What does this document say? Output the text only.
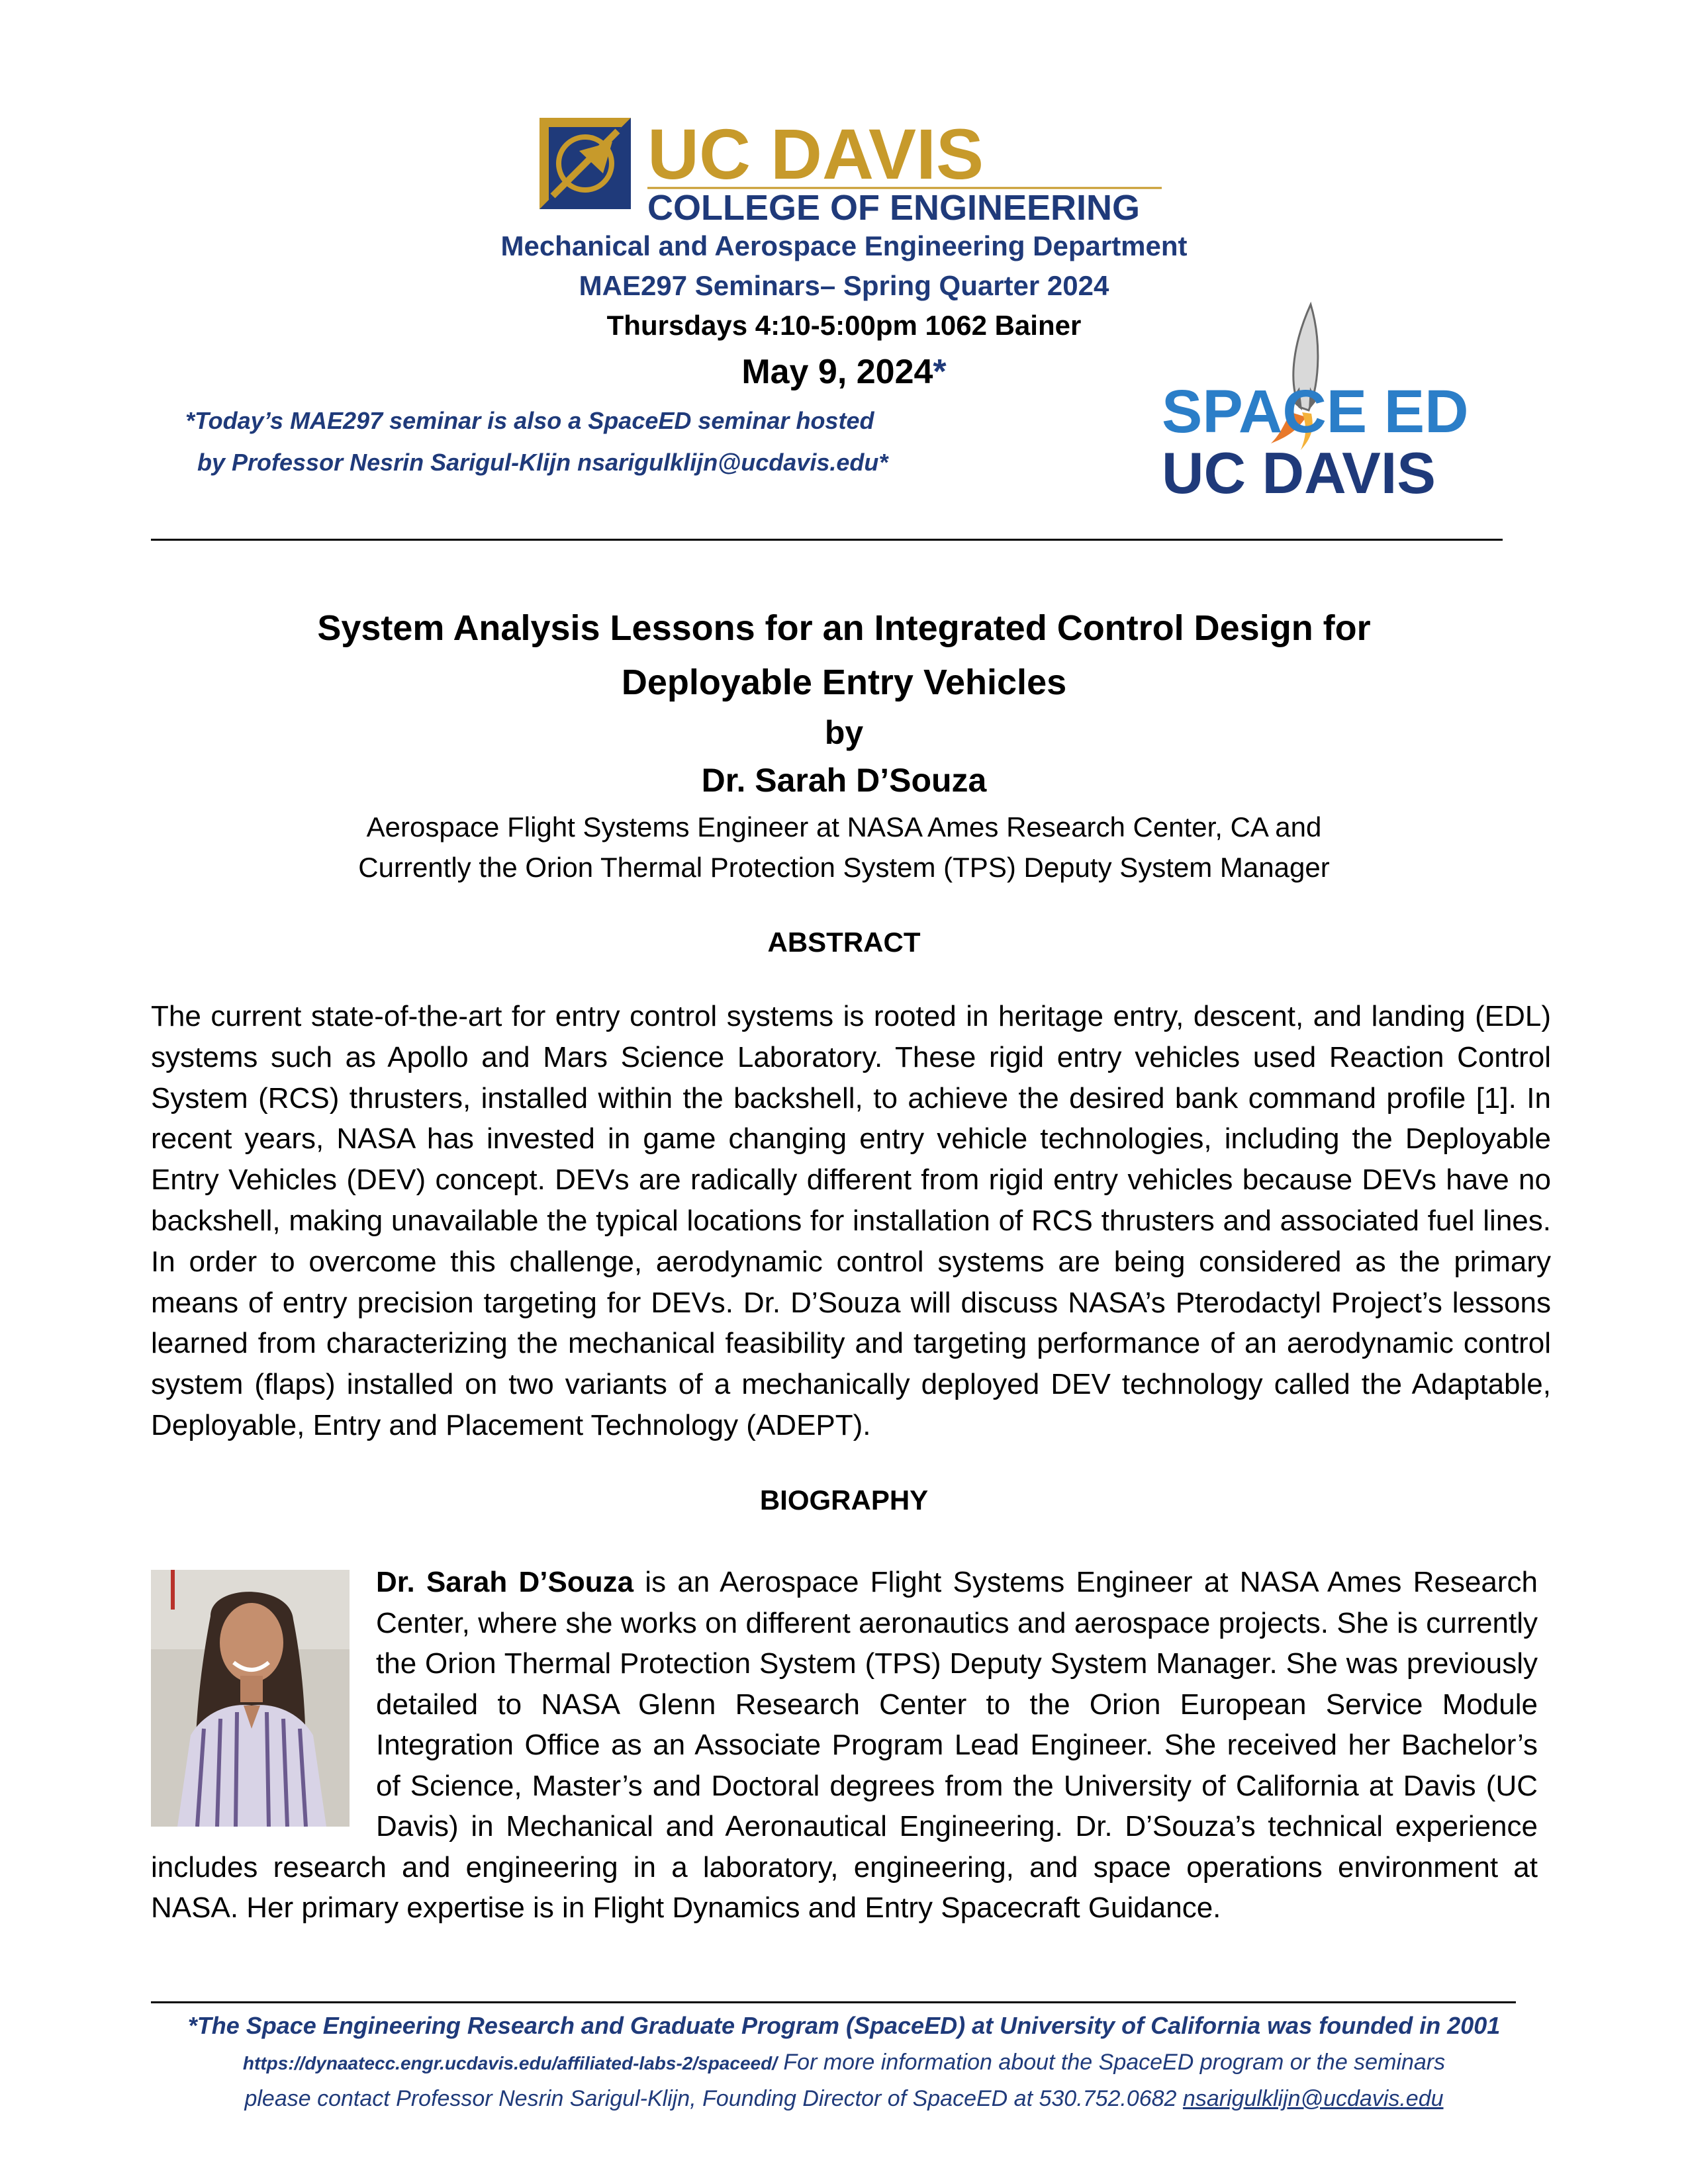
UC DAVIS
COLLEGE OF ENGINEERING
Mechanical and Aerospace Engineering Department
MAE297 Seminars– Spring Quarter 2024
Thursdays 4:10-5:00pm 1062 Bainer
May 9, 2024*
*Today’s MAE297 seminar is also a SpaceED seminar hosted
by Professor Nesrin Sarigul-Klijn nsarigulklijn@ucdavis.edu*
SPACE ED
UC DAVIS
System Analysis Lessons for an Integrated Control Design for
Deployable Entry Vehicles
by
Dr. Sarah D’Souza
Aerospace Flight Systems Engineer at NASA Ames Research Center, CA and
Currently the Orion Thermal Protection System (TPS) Deputy System Manager
ABSTRACT
The current state-of-the-art for entry control systems is rooted in heritage entry, descent, and landing (EDL) systems such as Apollo and Mars Science Laboratory. These rigid entry vehicles used Reaction Control System (RCS) thrusters, installed within the backshell, to achieve the desired bank command profile [1]. In recent years, NASA has invested in game changing entry vehicle technologies, including the Deployable Entry Vehicles (DEV) concept. DEVs are radically different from rigid entry vehicles because DEVs have no backshell, making unavailable the typical locations for installation of RCS thrusters and associated fuel lines. In order to overcome this challenge, aerodynamic control systems are being considered as the primary means of entry precision targeting for DEVs. Dr. D’Souza will discuss NASA’s Pterodactyl Project’s lessons learned from characterizing the mechanical feasibility and targeting performance of an aerodynamic control system (flaps) installed on two variants of a mechanically deployed DEV technology called the Adaptable, Deployable, Entry and Placement Technology (ADEPT).
BIOGRAPHY
Dr. Sarah D’Souza is an Aerospace Flight Systems Engineer at NASA Ames Research Center, where she works on different aeronautics and aerospace projects. She is currently the Orion Thermal Protection System (TPS) Deputy System Manager. She was previously detailed to NASA Glenn Research Center to the Orion European Service Module Integration Office as an Associate Program Lead Engineer. She received her Bachelor’s of Science, Master’s and Doctoral degrees from the University of California at Davis (UC Davis) in Mechanical and Aeronautical Engineering. Dr. D’Souza’s technical experience includes research and engineering in a laboratory, engineering, and space operations environment at NASA. Her primary expertise is in Flight Dynamics and Entry Spacecraft Guidance.
*The Space Engineering Research and Graduate Program (SpaceED) at University of California was founded in 2001
https://dynaatecc.engr.ucdavis.edu/affiliated-labs-2/spaceed/ For more information about the SpaceED program or the seminars
please contact Professor Nesrin Sarigul-Klijn, Founding Director of SpaceED at 530.752.0682 nsarigulklijn@ucdavis.edu
